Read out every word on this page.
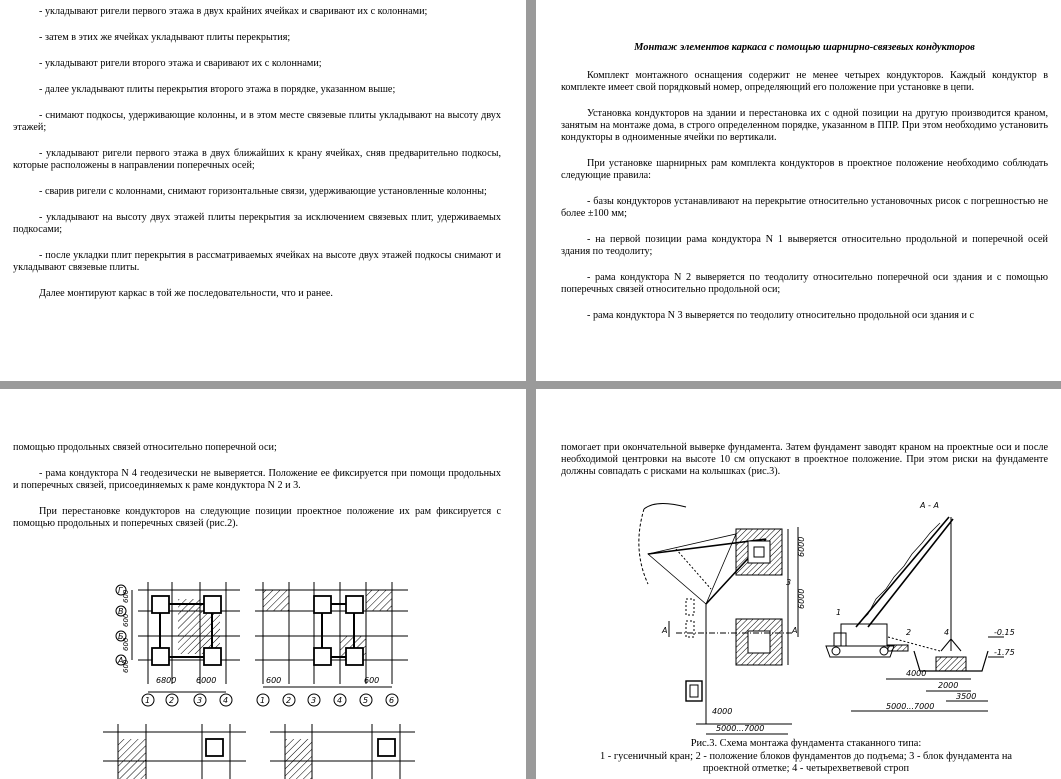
- укладывают ригели первого этажа в двух крайних ячейках и сваривают их с колоннами;

- затем в этих же ячейках укладывают плиты перекрытия;

- укладывают ригели второго этажа и сваривают их с колоннами;

- далее укладывают плиты перекрытия второго этажа в порядке, указанном выше;

- снимают подкосы, удерживающие колонны, и в этом месте связевые плиты укладывают на высоту двух этажей;

- укладывают ригели первого этажа в двух ближайших к крану ячейках, сняв предварительно подкосы, которые расположены в направлении поперечных осей;

- сварив ригели с колоннами, снимают горизонтальные связи, удерживающие установленные колонны;

- укладывают на высоту двух этажей плиты перекрытия за исключением связевых плит, удерживаемых подкосами;

- после укладки плит перекрытия в рассматриваемых ячейках на высоте двух этажей подкосы снимают и укладывают связевые плиты.

Далее монтируют каркас в той же последовательности, что и ранее.

Монтаж элементов каркаса с помощью шарнирно-связевых кондукторов

Комплект монтажного оснащения содержит не менее четырех кондукторов. Каждый кондуктор в комплекте имеет свой порядковый номер, определяющий его положение при установке в цепи.

Установка кондукторов на здании и перестановка их с одной позиции на другую производится краном, занятым на монтаже дома, в строго определенном порядке, указанном в ППР. При этом необходимо установить кондукторы в одноименные ячейки по вертикали.

При установке шарнирных рам комплекта кондукторов в проектное положение необходимо соблюдать следующие правила:

- базы кондукторов устанавливают на перекрытие относительно установочных рисок с погрешностью не более ±100 мм;

- на первой позиции рама кондуктора N 1 выверяется относительно продольной и поперечной осей здания по теодолиту;

- рама кондуктора N 2 выверяется по теодолиту относительно поперечной оси здания и с помощью поперечных связей относительно продольной оси;

- рама кондуктора N 3 выверяется по теодолиту относительно продольной оси здания и с

помощью продольных связей относительно поперечной оси;

- рама кондуктора N 4 геодезически не выверяется. Положение ее фиксируется при помощи продольных и поперечных связей, присоединяемых к раме кондуктора N 2 и 3.

При перестановке кондукторов на следующие позиции проектное положение их рам фиксируется с помощью продольных и поперечных связей (рис.2).

Г
В
Б
А
600
600
600
600
6800 6000	600	600
1 2	3	4	1	2 3	4	5	6

помогает при окончательной выверке фундамента. Затем фундамент заводят краном на проектные оси и после необходимой центровки на высоте 10 см опускают в проектное положение. При этом риски на фундаменте должны совпадать с рисками на колышках (рис.3).

6000
6000
4000
5000...7000
4000
2000
3500
5000...7000
-0.15
-1.75
А - А
А	А
1
2
3
4
Рис.3. Схема монтажа фундамента стаканного типа:
1 - гусеничный кран; 2 - положение блоков фундаментов до подъема; 3 - блок фундамента на проектной отметке; 4 - четырехветвевой строп
